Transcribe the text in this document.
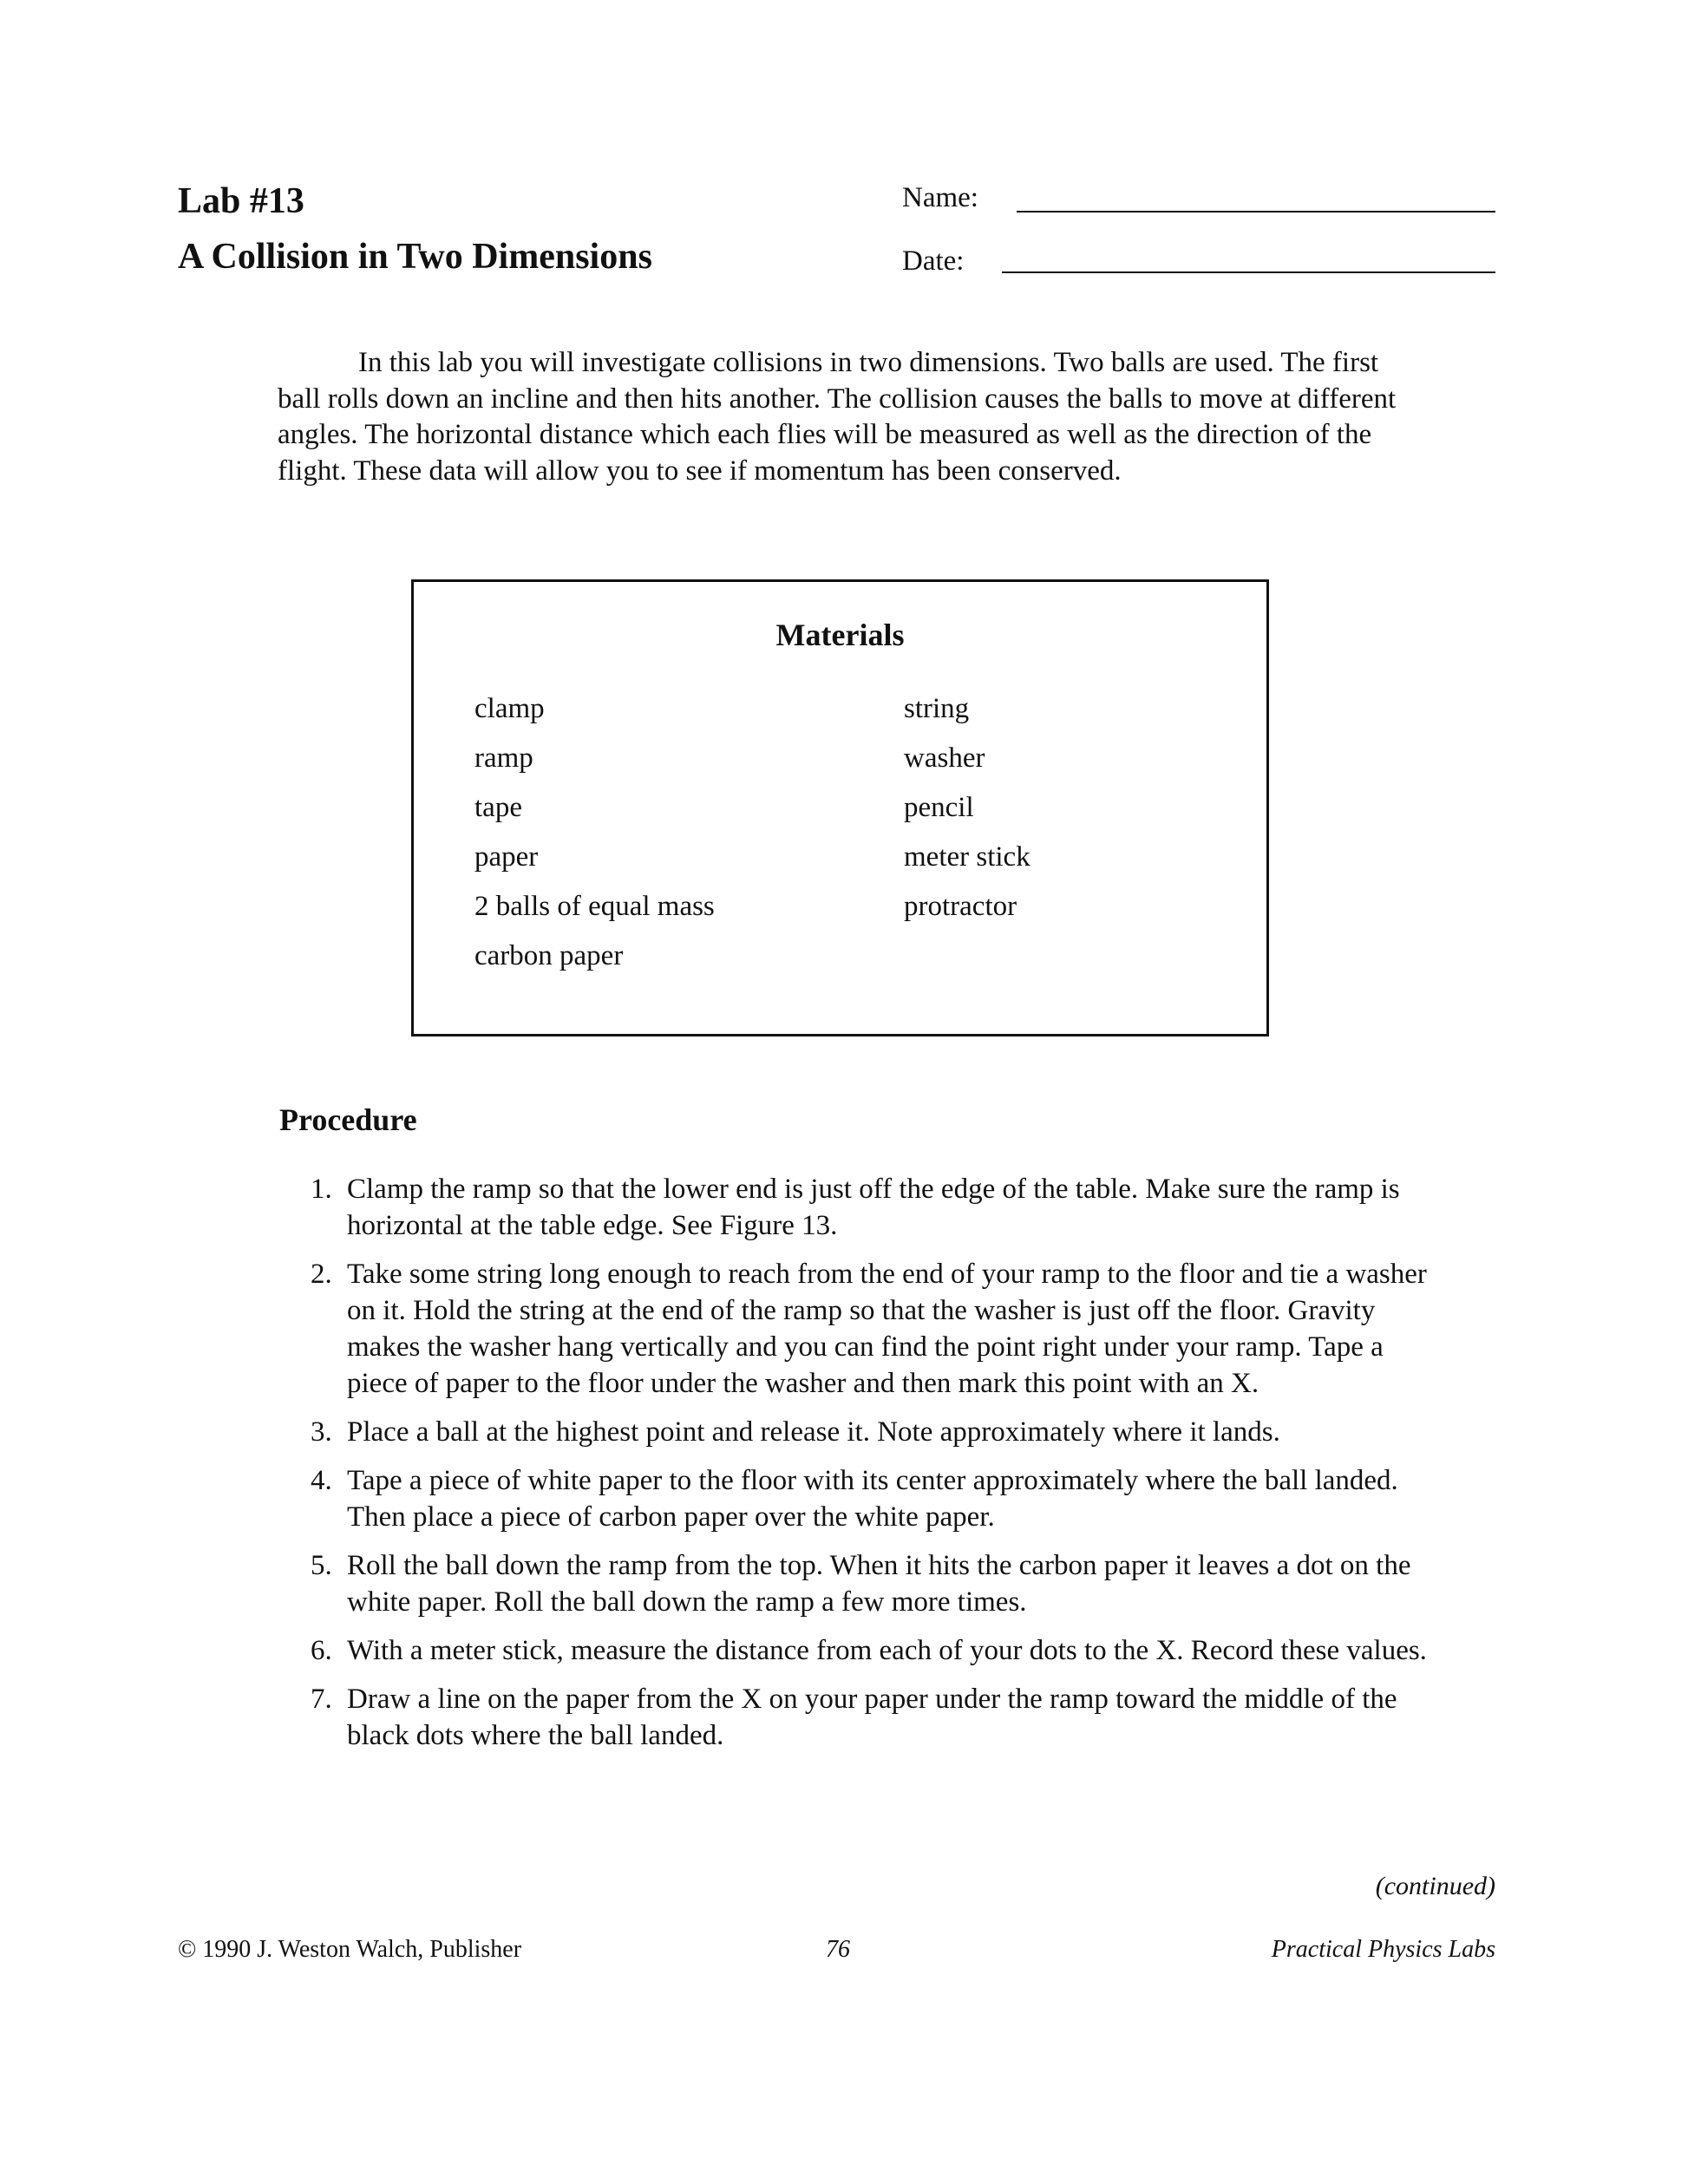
Lab #13
A Collision in Two Dimensions
Name:
Date:

In this lab you will investigate collisions in two dimensions. Two balls are used. The first ball rolls down an incline and then hits another. The collision causes the balls to move at different angles. The horizontal distance which each flies will be measured as well as the direction of the flight. These data will allow you to see if momentum has been conserved.

Materials
clamp
ramp
tape
paper
2 balls of equal mass
carbon paper
string
washer
pencil
meter stick
protractor
Procedure
1. Clamp the ramp so that the lower end is just off the edge of the table. Make sure the ramp is horizontal at the table edge. See Figure 13.
2. Take some string long enough to reach from the end of your ramp to the floor and tie a washer on it. Hold the string at the end of the ramp so that the washer is just off the floor. Gravity makes the washer hang vertically and you can find the point right under your ramp. Tape a piece of paper to the floor under the washer and then mark this point with an X.
3. Place a ball at the highest point and release it. Note approximately where it lands.
4. Tape a piece of white paper to the floor with its center approximately where the ball landed. Then place a piece of carbon paper over the white paper.
5. Roll the ball down the ramp from the top. When it hits the carbon paper it leaves a dot on the white paper. Roll the ball down the ramp a few more times.
6. With a meter stick, measure the distance from each of your dots to the X. Record these values.
7. Draw a line on the paper from the X on your paper under the ramp toward the middle of the black dots where the ball landed.
(continued)
© 1990 J. Weston Walch, Publisher	76	Practical Physics Labs
